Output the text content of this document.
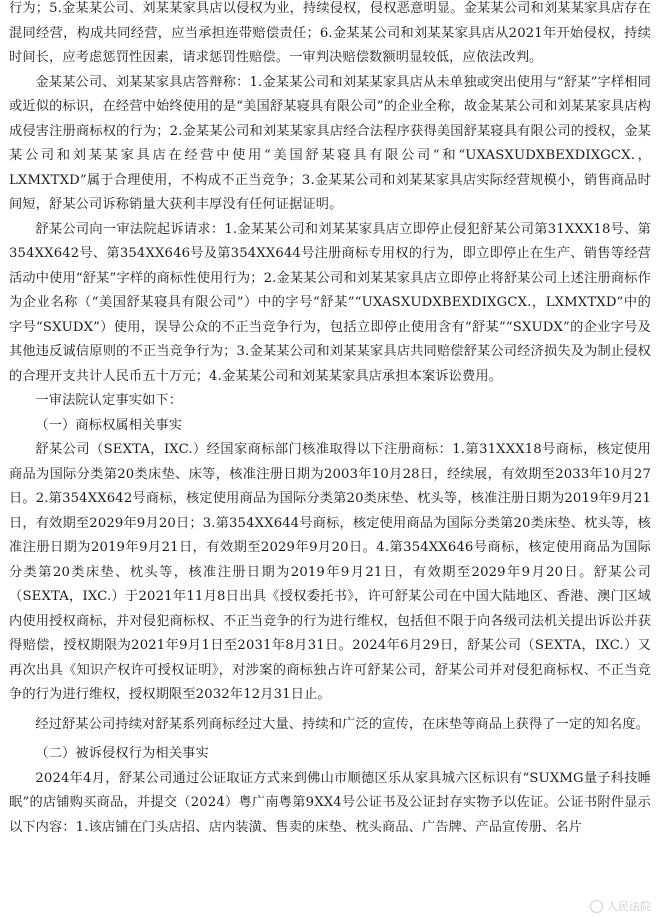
行为；5.金某某公司、刘某某家具店以侵权为业，持续侵权，侵权恶意明显。金某某公司和刘某某家具店存在混同经营，构成共同经营，应当承担连带赔偿责任；6.金某某公司和刘某某家具店从2021年开始侵权，持续时间长，应考虑惩罚性因素，请求惩罚性赔偿。一审判决赔偿数额明显较低，应依法改判。

金某某公司、刘某某家具店答辩称：1.金某某公司和刘某某家具店从未单独或突出使用与“舒某”字样相同或近似的标识，在经营中始终使用的是“美国舒某寝具有限公司”的企业全称，故金某某公司和刘某某家具店构成侵害注册商标权的行为；2.金某某公司和刘某某家具店经合法程序获得美国舒某寝具有限公司的授权，金某某公司和刘某某家具店在经营中使用“美国舒某寝具有限公司”和“UXASXUDXBEXDIXGCX.，LXMXTXD”属于合理使用，不构成不正当竞争；3.金某某公司和刘某某家具店实际经营规模小，销售商品时间短，舒某公司诉称销量大获利丰厚没有任何证据证明。

舒某公司向一审法院起诉请求：1.金某某公司和刘某某家具店立即停止侵犯舒某公司第31XXX18号、第354XX642号、第354XX646号及第354XX644号注册商标专用权的行为，即立即停止在生产、销售等经营活动中使用“舒某”字样的商标性使用行为；2.金某某公司和刘某某家具店立即停止将舒某公司上述注册商标作为企业名称（“美国舒某寝具有限公司”）中的字号“舒某”“UXASXUDXBEXDIXGCX.，LXMXTXD”中的字号“SXUDX”）使用，误导公众的不正当竞争行为，包括立即停止使用含有“舒某”“SXUDX”的企业字号及其他违反诚信原则的不正当竞争行为；3.金某某公司和刘某某家具店共同赔偿舒某公司经济损失及为制止侵权的合理开支共计人民币五十万元；4.金某某公司和刘某某家具店承担本案诉讼费用。

一审法院认定事实如下：

（一）商标权属相关事实

舒某公司（SEXTA，IXC.）经国家商标部门核准取得以下注册商标：1.第31XXX18号商标，核定使用商品为国际分类第20类床垫、床等，核准注册日期为2003年10月28日，经续展，有效期至2033年10月27日。2.第354XX642号商标，核定使用商品为国际分类第20类床垫、枕头等，核准注册日期为2019年9月21日，有效期至2029年9月20日；3.第354XX644号商标，核定使用商品为国际分类第20类床垫、枕头等，核准注册日期为2019年9月21日，有效期至2029年9月20日。4.第354XX646号商标，核定使用商品为国际分类第20类床垫、枕头等，核准注册日期为2019年9月21日，有效期至2029年9月20日。舒某公司（SEXTA，IXC.）于2021年11月8日出具《授权委托书》，许可舒某公司在中国大陆地区、香港、澳门区域内使用授权商标，并对侵犯商标权、不正当竞争的行为进行维权，包括但不限于向各级司法机关提出诉讼并获得赔偿，授权期限为2021年9月1日至2031年8月31日。2024年6月29日，舒某公司（SEXTA，IXC.）又再次出具《知识产权许可授权证明》，对涉案的商标独占许可舒某公司，舒某公司并对侵犯商标权、不正当竞争的行为进行维权，授权期限至2032年12月31日止。

经过舒某公司持续对舒某系列商标经过大量、持续和广泛的宣传，在床垫等商品上获得了一定的知名度。

（二）被诉侵权行为相关事实

2024年4月，舒某公司通过公证取证方式来到佛山市顺德区乐从家具城六区标识有“SUXMG量子科技睡眠”的店铺购买商品，并提交（2024）粤广南粤第9XX4号公证书及公证封存实物予以佐证。公证书附件显示以下内容：1.该店铺在门头店招、店内装潢、售卖的床垫、枕头商品、广告牌、产品宣传册、名片

人民法院
